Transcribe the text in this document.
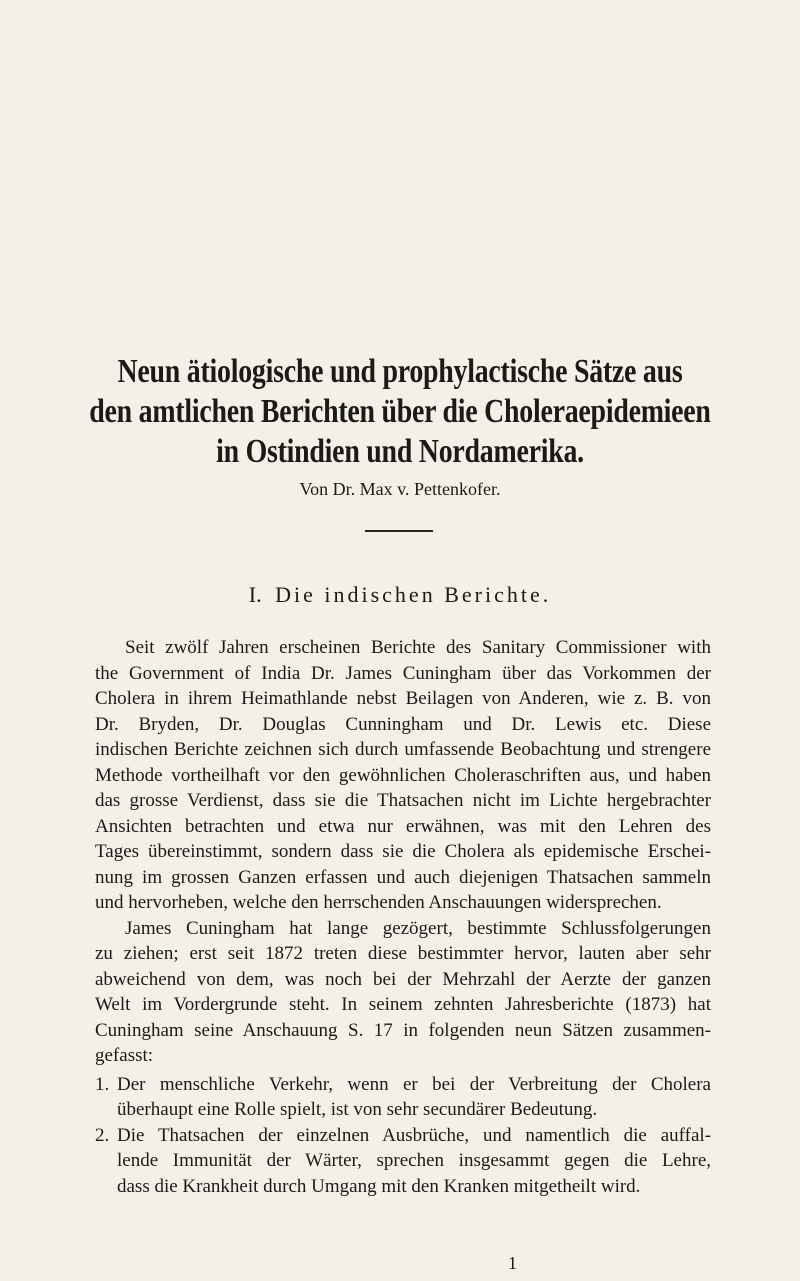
Neun ätiologische und prophylactische Sätze aus
den amtlichen Berichten über die Choleraepidemieen
in Ostindien und Nordamerika.
Von Dr. Max v. Pettenkofer.
I. Die indischen Berichte.
Seit zwölf Jahren erscheinen Berichte des Sanitary Commissioner with
the Government of India Dr. James Cuningham über das Vorkommen der
Cholera in ihrem Heimathlande nebst Beilagen von Anderen, wie z. B. von
Dr. Bryden, Dr. Douglas Cunningham und Dr. Lewis etc. Diese
indischen Berichte zeichnen sich durch umfassende Beobachtung und strengere
Methode vortheilhaft vor den gewöhnlichen Choleraschriften aus, und haben
das grosse Verdienst, dass sie die Thatsachen nicht im Lichte hergebrachter
Ansichten betrachten und etwa nur erwähnen, was mit den Lehren des
Tages übereinstimmt, sondern dass sie die Cholera als epidemische Erschei-
nung im grossen Ganzen erfassen und auch diejenigen Thatsachen sammeln
und hervorheben, welche den herrschenden Anschauungen widersprechen.
James Cuningham hat lange gezögert, bestimmte Schlussfolgerungen
zu ziehen; erst seit 1872 treten diese bestimmter hervor, lauten aber sehr
abweichend von dem, was noch bei der Mehrzahl der Aerzte der ganzen
Welt im Vordergrunde steht. In seinem zehnten Jahresberichte (1873) hat
Cuningham seine Anschauung S. 17 in folgenden neun Sätzen zusammen-
gefasst:
1. Der menschliche Verkehr, wenn er bei der Verbreitung der Cholera
überhaupt eine Rolle spielt, ist von sehr secundärer Bedeutung.
2. Die Thatsachen der einzelnen Ausbrüche, und namentlich die auffal-
lende Immunität der Wärter, sprechen insgesammt gegen die Lehre,
dass die Krankheit durch Umgang mit den Kranken mitgetheilt wird.
1
